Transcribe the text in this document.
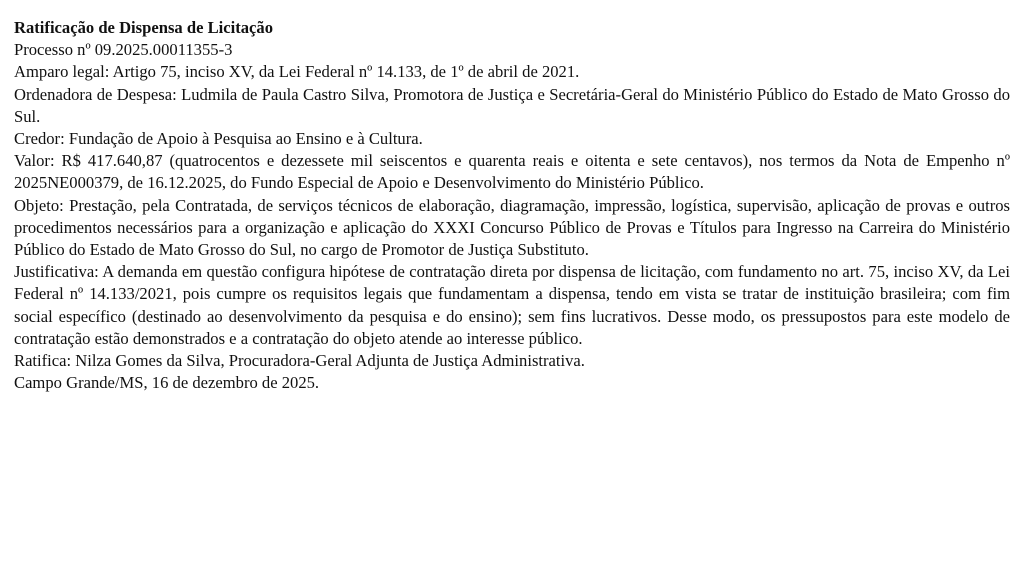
Ratificação de Dispensa de Licitação

Processo nº 09.2025.00011355-3

Amparo legal: Artigo 75, inciso XV, da Lei Federal nº 14.133, de 1º de abril de 2021.

Ordenadora de Despesa: Ludmila de Paula Castro Silva, Promotora de Justiça e Secretária-Geral do Ministério Público do Estado de Mato Grosso do Sul.

Credor: Fundação de Apoio à Pesquisa ao Ensino e à Cultura.

Valor: R$ 417.640,87 (quatrocentos e dezessete mil seiscentos e quarenta reais e oitenta e sete centavos), nos termos da Nota de Empenho nº 2025NE000379, de 16.12.2025, do Fundo Especial de Apoio e Desenvolvimento do Ministério Público.

Objeto: Prestação, pela Contratada, de serviços técnicos de elaboração, diagramação, impressão, logística, supervisão, aplicação de provas e outros procedimentos necessários para a organização e aplicação do XXXI Concurso Público de Provas e Títulos para Ingresso na Carreira do Ministério Público do Estado de Mato Grosso do Sul, no cargo de Promotor de Justiça Substituto.

Justificativa: A demanda em questão configura hipótese de contratação direta por dispensa de licitação, com fundamento no art. 75, inciso XV, da Lei Federal nº 14.133/2021, pois cumpre os requisitos legais que fundamentam a dispensa, tendo em vista se tratar de instituição brasileira; com fim social específico (destinado ao desenvolvimento da pesquisa e do ensino); sem fins lucrativos. Desse modo, os pressupostos para este modelo de contratação estão demonstrados e a contratação do objeto atende ao interesse público.

Ratifica: Nilza Gomes da Silva, Procuradora-Geral Adjunta de Justiça Administrativa.

Campo Grande/MS, 16 de dezembro de 2025.
